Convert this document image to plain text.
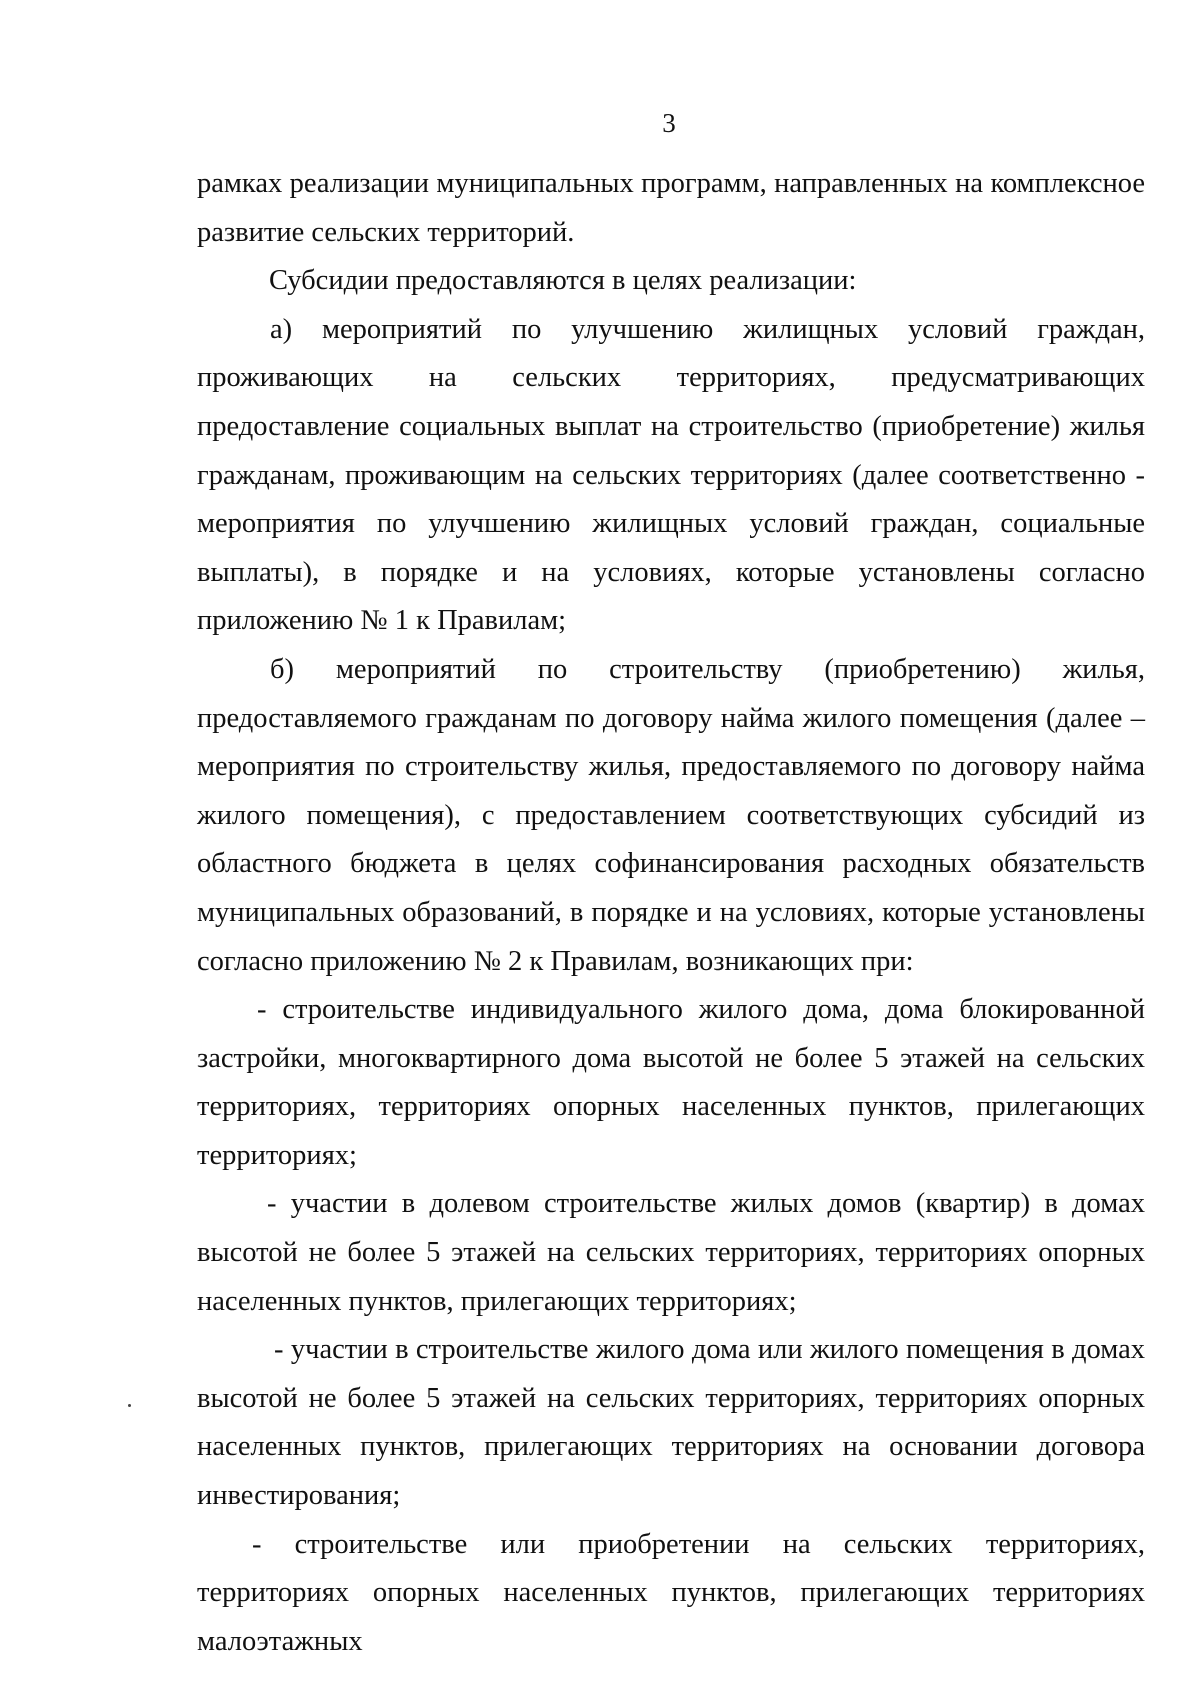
3

рамках реализации муниципальных программ, направленных на комплексное развитие сельских территорий.

Субсидии предоставляются в целях реализации:

а) мероприятий по улучшению жилищных условий граждан, проживающих на сельских территориях, предусматривающих предоставление социальных выплат на строительство (приобретение) жилья гражданам, проживающим на сельских территориях (далее соответственно - мероприятия по улучшению жилищных условий граждан, социальные выплаты), в порядке и на условиях, которые установлены согласно приложению № 1 к Правилам;

б) мероприятий по строительству (приобретению) жилья, предоставляемого гражданам по договору найма жилого помещения (далее – мероприятия по строительству жилья, предоставляемого по договору найма жилого помещения), с предоставлением соответствующих субсидий из областного бюджета в целях софинансирования расходных обязательств муниципальных образований, в порядке и на условиях, которые установлены согласно приложению № 2 к Правилам, возникающих при:

- строительстве индивидуального жилого дома, дома блокированной застройки, многоквартирного дома высотой не более 5 этажей на сельских территориях, территориях опорных населенных пунктов, прилегающих территориях;

- участии в долевом строительстве жилых домов (квартир) в домах высотой не более 5 этажей на сельских территориях, территориях опорных населенных пунктов, прилегающих территориях;

- участии в строительстве жилого дома или жилого помещения в домах высотой не более 5 этажей на сельских территориях, территориях опорных населенных пунктов, прилегающих территориях на основании договора инвестирования;

- строительстве или приобретении на сельских территориях, территориях опорных населенных пунктов, прилегающих территориях малоэтажных
